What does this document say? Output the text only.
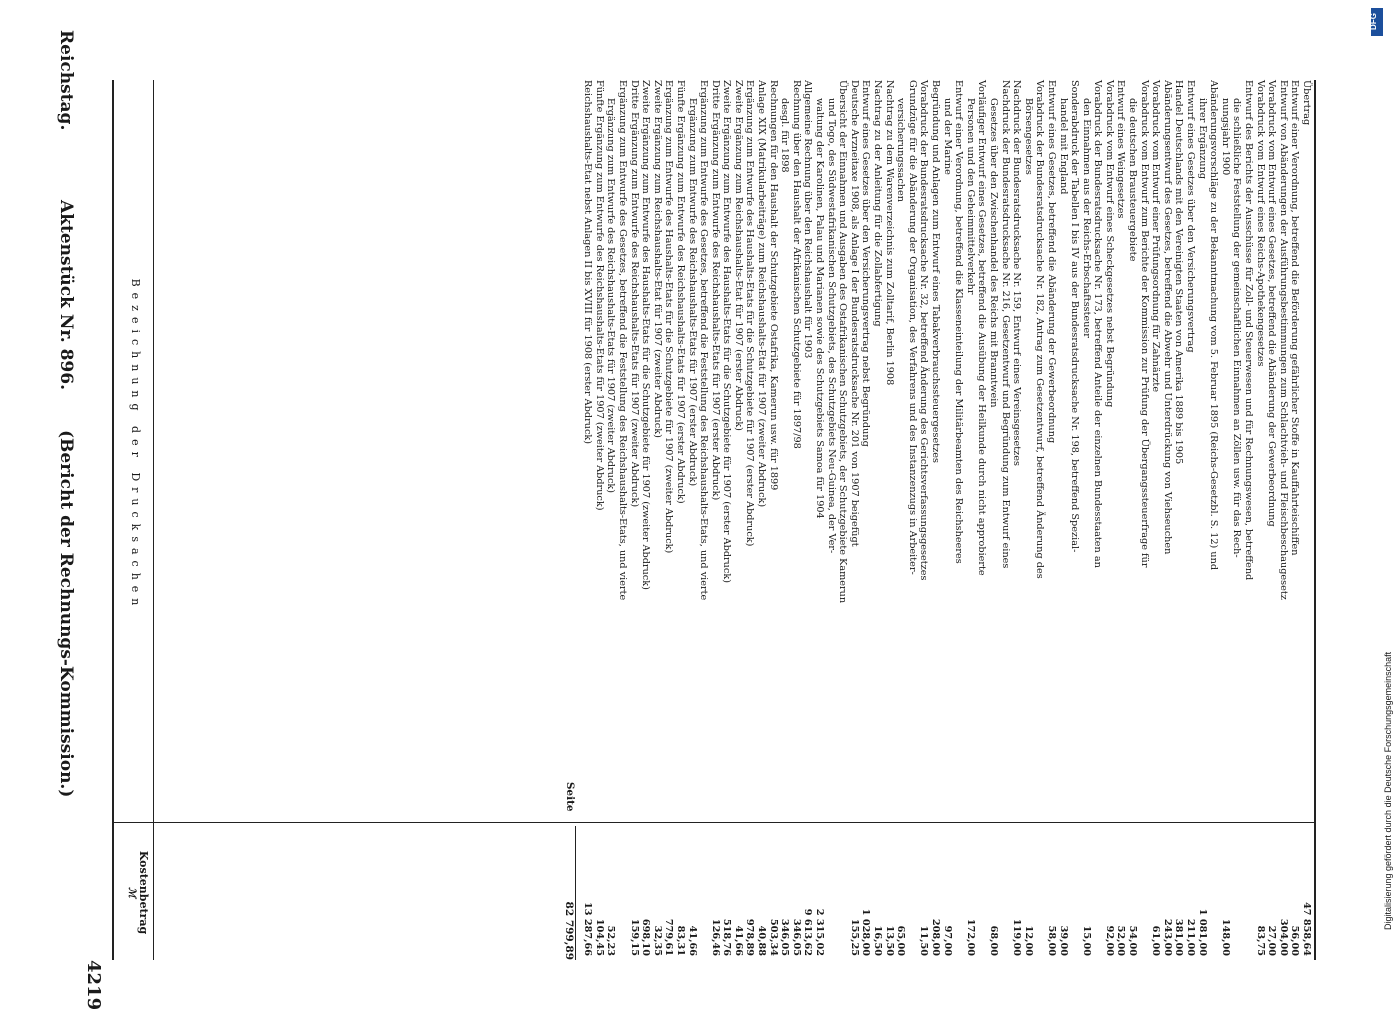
Reichstag.
Aktenstück Nr. 896.
(Bericht der Rechnungs-Kommission.)
4219
Bezeichnung der Drucksachen
Kostenbetrag
ℳ
Übertrag
47 858,64
Entwurf einer Verordnung, betreffend die Beförderung gefährlicher Stoffe in Kauffahrteischiffen
56,00
Entwurf von Abänderungen der Ausführungsbestimmungen zum Schlachtvieh- und Fleischbeschaugesetz
304,00
Vorabdruck vom Entwurf eines Gesetzes, betreffend die Abänderung der Gewerbeordnung
27,00
Vorabdruck vom Entwurf eines Reichs-Apothekengesetzes
83,75
Entwurf des Berichts der Ausschüsse für Zoll- und Steuerwesen und für Rechnungswesen, betreffend
die schließliche Feststellung der gemeinschaftlichen Einnahmen an Zöllen usw. für das Rech-
nungsjahr 1900
148,00
Abänderungsvorschläge zu der Bekanntmachung vom 5. Februar 1895 (Reichs-Gesetzbl. S. 12) und
ihrer Ergänzung
1 081,00
Entwurf eines Gesetzes über den Versicherungsvertrag
211,00
Handel Deutschlands mit den Vereinigten Staaten von Amerika 1889 bis 1905
381,00
Abänderungsentwurf des Gesetzes, betreffend die Abwehr und Unterdrückung von Viehseuchen
243,00
Vorabdruck vom Entwurf einer Prüfungsordnung für Zahnärzte
61,00
Vorabdruck vom Entwurf zum Berichte der Kommission zur Prüfung der Übergangssteuerfrage für
die deutschen Brausteuergebiete
54,00
Entwurf eines Weingesetzes
52,00
Vorabdruck vom Entwurf eines Scheckgesetzes nebst Begründung
92,00
Vorabdruck der Bundesratsdrucksache Nr. 173, betreffend Anteile der einzelnen Bundesstaaten an
den Einnahmen aus der Reichs-Erbschaftssteuer
15,00
Sonderabdruck der Tabellen I bis IV aus der Bundesratsdrucksache Nr. 198, betreffend Spezial-
handel mit England
39,00
Entwurf eines Gesetzes, betreffend die Abänderung der Gewerbeordnung
58,00
Vorabdruck der Bundesratsdrucksache Nr. 182, Antrag zum Gesetzentwurf, betreffend Änderung des
Börsengesetzes
12,00
Nachdruck der Bundesratsdrucksache Nr. 159, Entwurf eines Vereinsgesetzes
119,00
Nachdruck der Bundesratsdrucksache Nr. 216, Gesetzentwurf und Begründung zum Entwurf eines
Gesetzes über den Zwischenhandel des Reichs mit Branntwein
68,00
Vorläufiger Entwurf eines Gesetzes, betreffend die Ausübung der Heilkunde durch nicht approbierte
Personen und den Geheimmittelverkehr
172,00
Entwurf einer Verordnung, betreffend die Klasseneinteilung der Militärbeamten des Reichsheeres
und der Marine
97,00
Begründung und Anlagen zum Entwurf eines Tabakverbrauchssteuergesetzes
208,00
Vorabdruck der Bundesratsdrucksache Nr. 32, betreffend Änderung des Gerichtsverfassungsgesetzes
11,50
Grundzüge für die Abänderung der Organisation, des Verfahrens und des Instanzenzugs in Arbeiter-
versicherungssachen
65,00
Nachtrag zu dem Warenverzeichnis zum Zolltarif, Berlin 1908
13,50
Nachtrag zu der Anleitung für die Zollabfertigung
16,50
Entwurf eines Gesetzes über den Versicherungsvertrag nebst Begründung
1 028,00
Deutsche Arzneitaxe 1908, als Anlage I der Bundesratsdrucksache Nr. 201 von 1907 beigefügt
155,25
Übersicht der Einnahmen und Ausgaben des Ostafrikanischen Schutzgebiets, der Schutzgebiete Kamerun
und Togo, des Südwestafrikanischen Schutzgebiets, des Schutzgebiets Neu-Guinea, der Ver-
waltung der Karolinen, Palau und Marianen sowie des Schutzgebiets Samoa für 1904
2 315,02
Allgemeine Rechnung über den Reichshaushalt für 1903
9 613,62
Rechnung über den Haushalt der Afrikanischen Schutzgebiete für 1897/98
346,05
desgl. für 1898
346,05
Rechnungen für den Haushalt der Schutzgebiete Ostafrika, Kamerun usw. für 1899
503,34
Anlage XIX (Matrikularbeiträge) zum Reichshaushalts-Etat für 1907 (zweiter Abdruck)
40,88
Ergänzung zum Entwurfe des Haushalts-Etats für die Schutzgebiete für 1907 (erster Abdruck)
978,89
Zweite Ergänzung zum Reichshaushalts-Etat für 1907 (erster Abdruck)
41,66
Zweite Ergänzung zum Entwurfe des Haushalts-Etats für die Schutzgebiete für 1907 (erster Abdruck)
518,76
Dritte Ergänzung zum Entwurfe des Reichshaushalts-Etats für 1907 (erster Abdruck)
126,46
Ergänzung zum Entwurfe des Gesetzes, betreffend die Feststellung des Reichshaushalts-Etats, und vierte
Ergänzung zum Entwurfe des Reichshaushalts-Etats für 1907 (erster Abdruck)
41,66
Fünfte Ergänzung zum Entwurfe des Reichshaushalts-Etats für 1907 (erster Abdruck)
83,31
Ergänzung zum Entwurfe des Haushalts-Etats für die Schutzgebiete für 1907 (zweiter Abdruck)
779,61
Zweite Ergänzung zum Reichshaushalts-Etat für 1907 (zweiter Abdruck)
32,35
Zweite Ergänzung zum Entwurfe des Haushalts-Etats für die Schutzgebiete für 1907 (zweiter Abdruck)
698,10
Dritte Ergänzung zum Entwurfe des Reichshaushalts-Etats für 1907 (zweiter Abdruck)
159,15
Ergänzung zum Entwurfe des Gesetzes, betreffend die Feststellung des Reichshaushalts-Etats, und vierte
Ergänzung zum Entwurfe des Reichshaushalts-Etats für 1907 (zweiter Abdruck)
52,23
Fünfte Ergänzung zum Entwurfe des Reichshaushalts-Etats für 1907 (zweiter Abdruck)
104,45
Reichshaushalts-Etat nebst Anlagen II bis XVIII für 1908 (erster Abdruck)
13 287,66
Seite
82 799,89
DFG
Digitalisierung gefördert durch die Deutsche Forschungsgemeinschaft
